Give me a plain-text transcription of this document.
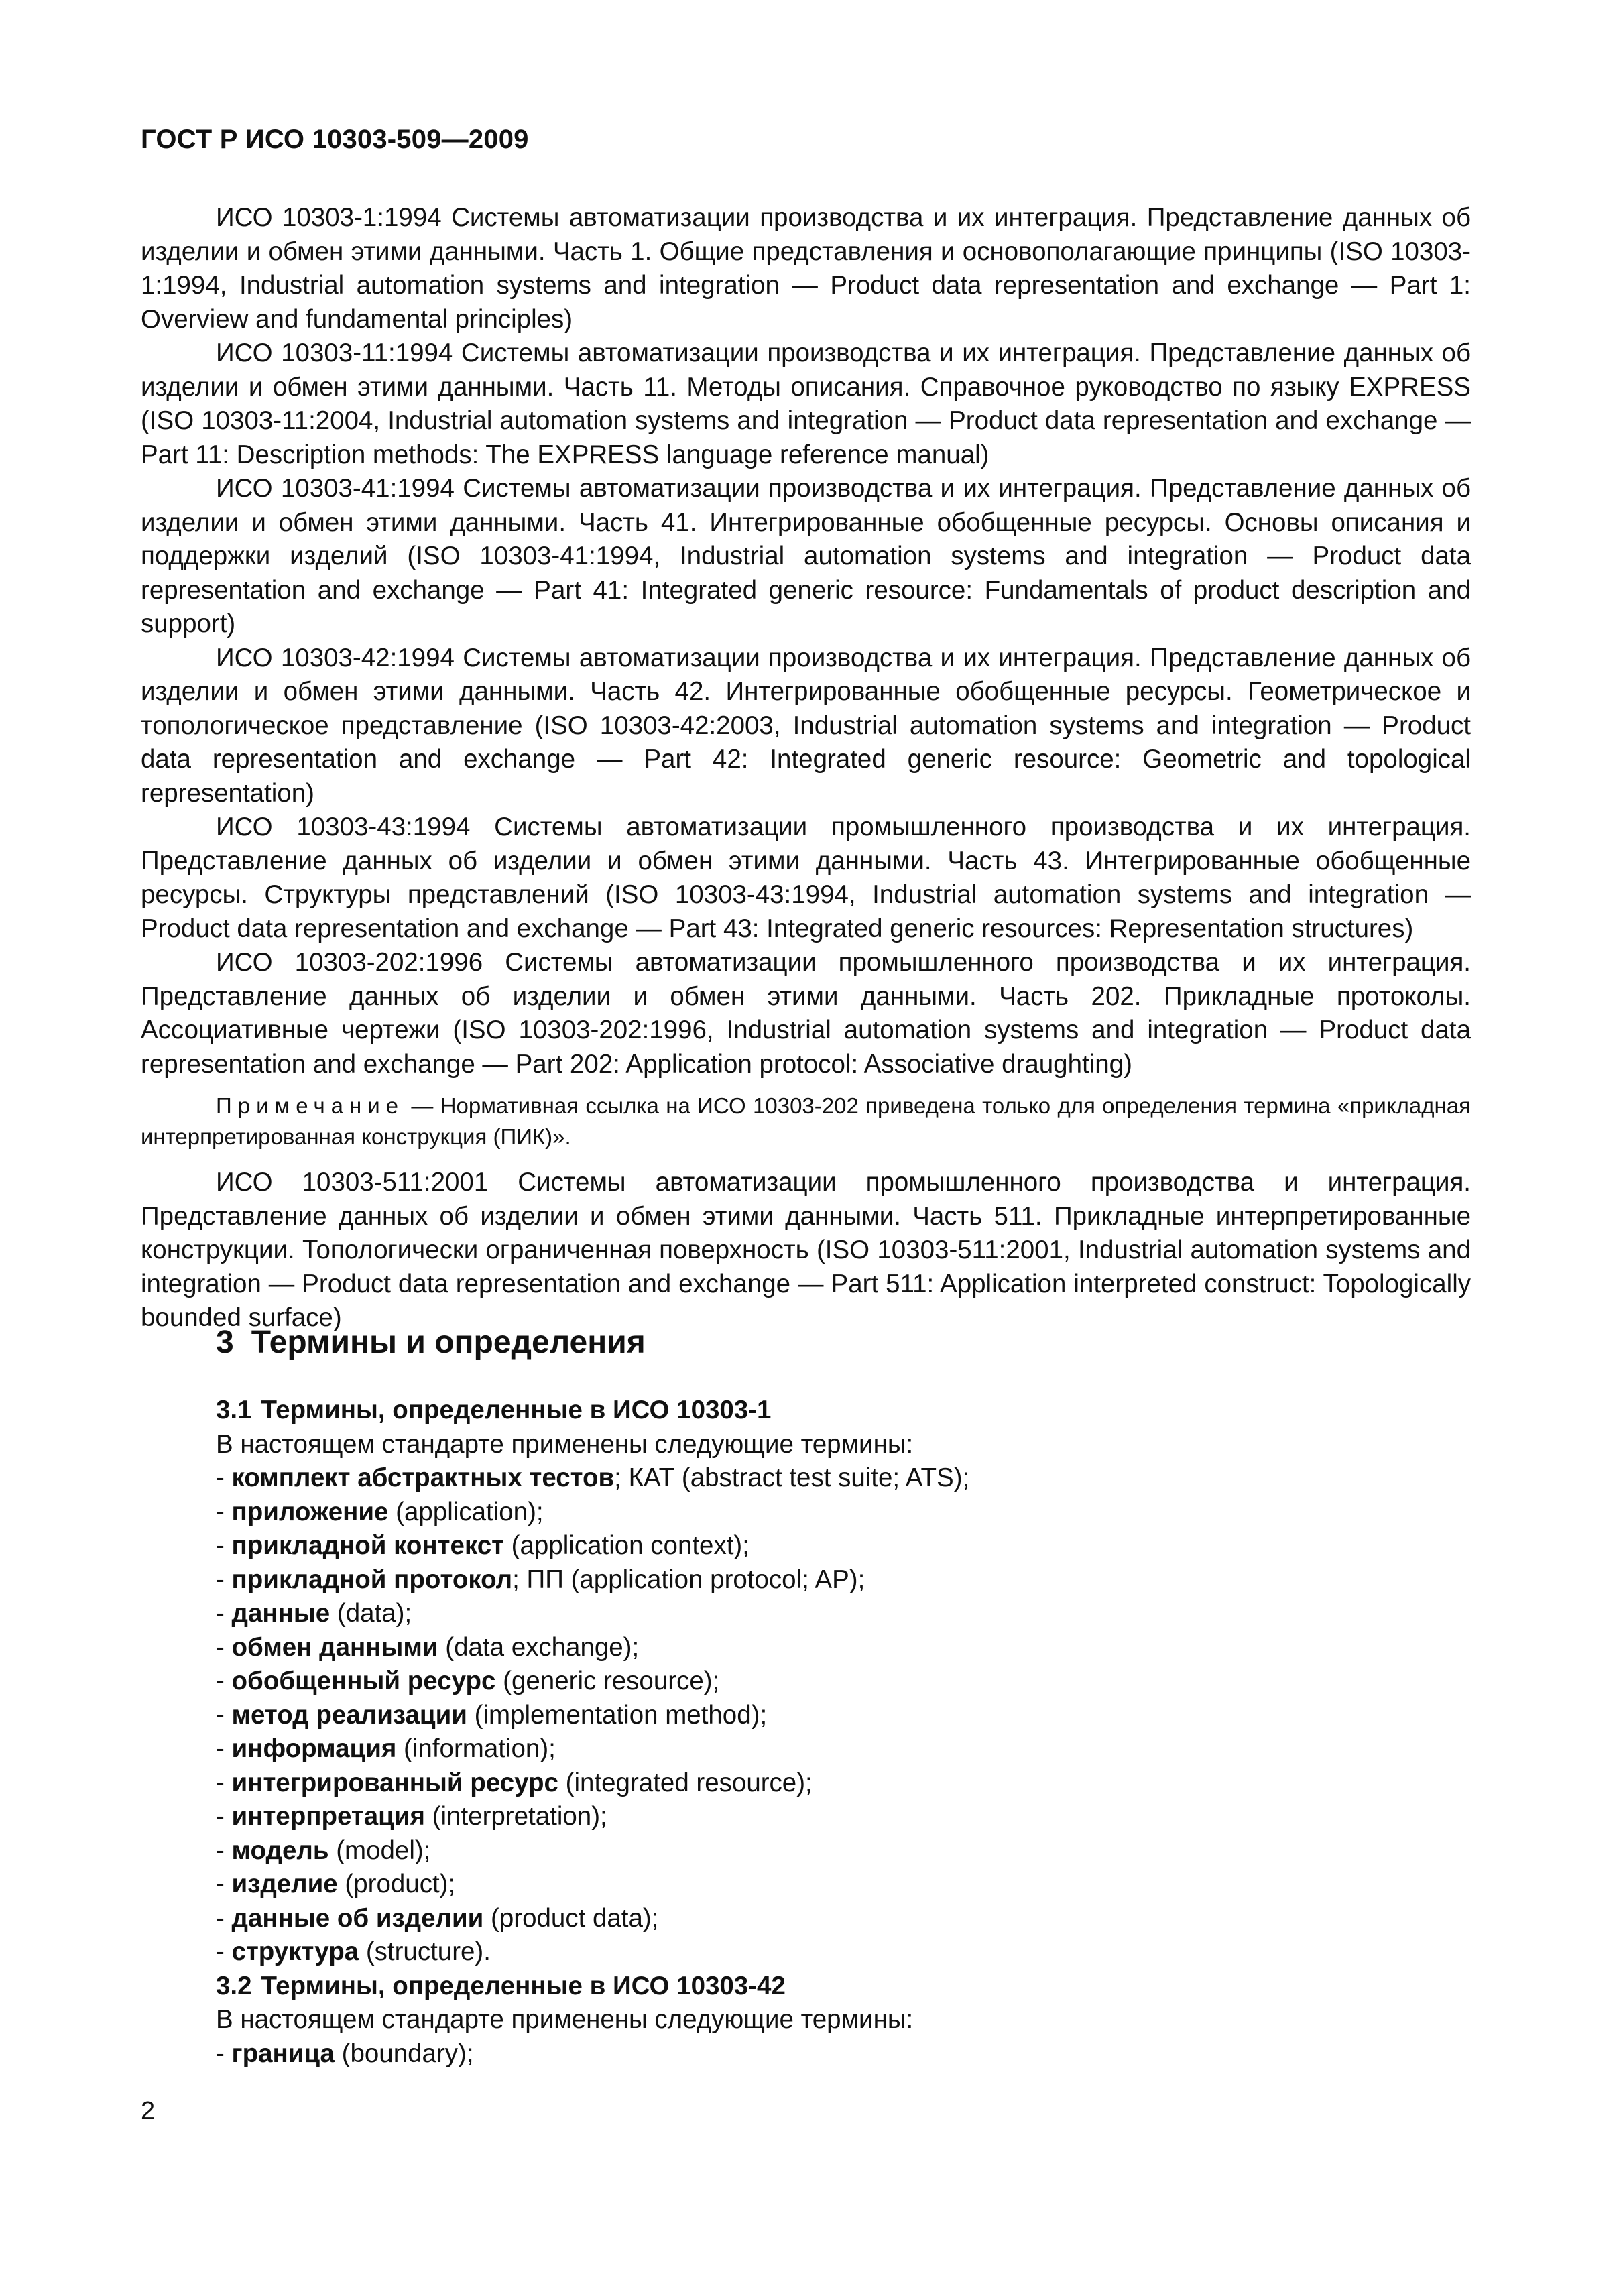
ГОСТ Р ИСО 10303-509—2009

ИСО 10303-1:1994 Системы автоматизации производства и их интеграция. Представление данных об изделии и обмен этими данными. Часть 1. Общие представления и основополагающие принципы (ISO 10303-1:1994, Industrial automation systems and integration — Product data representation and exchange — Part 1: Overview and fundamental principles)

ИСО 10303-11:1994 Системы автоматизации производства и их интеграция. Представление данных об изделии и обмен этими данными. Часть 11. Методы описания. Справочное руководство по языку EXPRESS (ISO 10303-11:2004, Industrial automation systems and integration — Product data representation and exchange — Part 11: Description methods: The EXPRESS language reference manual)

ИСО 10303-41:1994 Системы автоматизации производства и их интеграция. Представление данных об изделии и обмен этими данными. Часть 41. Интегрированные обобщенные ресурсы. Основы описания и поддержки изделий (ISO 10303-41:1994, Industrial automation systems and integration — Product data representation and exchange — Part 41: Integrated generic resource: Fundamentals of product description and support)

ИСО 10303-42:1994 Системы автоматизации производства и их интеграция. Представление данных об изделии и обмен этими данными. Часть 42. Интегрированные обобщенные ресурсы. Геометрическое и топологическое представление (ISO 10303-42:2003, Industrial automation systems and integration — Product data representation and exchange — Part 42: Integrated generic resource: Geometric and topological representation)

ИСО 10303-43:1994 Системы автоматизации промышленного производства и их интеграция. Представление данных об изделии и обмен этими данными. Часть 43. Интегрированные обобщенные ресурсы. Структуры представлений (ISO 10303-43:1994, Industrial automation systems and integration — Product data representation and exchange — Part 43: Integrated generic resources: Representation structures)

ИСО 10303-202:1996 Системы автоматизации промышленного производства и их интеграция. Представление данных об изделии и обмен этими данными. Часть 202. Прикладные протоколы. Ассоциативные чертежи (ISO 10303-202:1996, Industrial automation systems and integration — Product data representation and exchange — Part 202: Application protocol: Associative draughting)

Примечание — Нормативная ссылка на ИСО 10303-202 приведена только для определения термина «прикладная интерпретированная конструкция (ПИК)».

ИСО 10303-511:2001 Системы автоматизации промышленного производства и интеграция. Представление данных об изделии и обмен этими данными. Часть 511. Прикладные интерпретированные конструкции. Топологически ограниченная поверхность (ISO 10303-511:2001, Industrial automation systems and integration — Product data representation and exchange — Part 511: Application interpreted construct: Topologically bounded surface)

3 Термины и определения
3.1 Термины, определенные в ИСО 10303-1

В настоящем стандарте применены следующие термины:

- комплект абстрактных тестов; КАТ (abstract test suite; ATS);
- приложение (application);
- прикладной контекст (application context);
- прикладной протокол; ПП (application protocol; AP);
- данные (data);
- обмен данными (data exchange);
- обобщенный ресурс (generic resource);
- метод реализации (implementation method);
- информация (information);
- интегрированный ресурс (integrated resource);
- интерпретация (interpretation);
- модель (model);
- изделие (product);
- данные об изделии (product data);
- структура (structure).
3.2 Термины, определенные в ИСО 10303-42

В настоящем стандарте применены следующие термины:

- граница (boundary);
2
